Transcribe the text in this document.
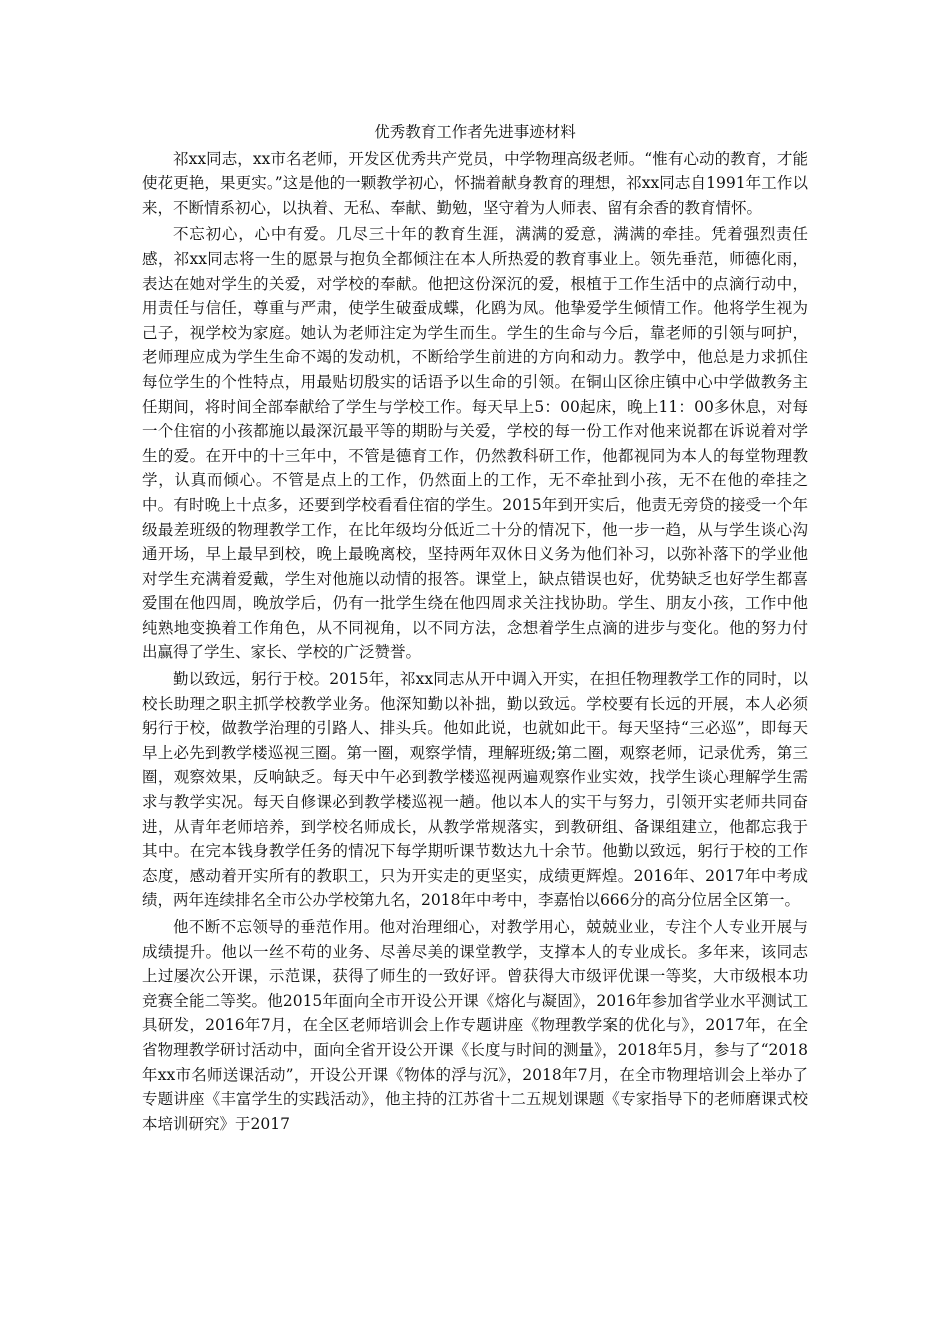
优秀教育工作者先进事迹材料

祁xx同志，xx市名老师，开发区优秀共产党员，中学物理高级老师。“惟有心动的教育，才能使花更艳，果更实。”这是他的一颗教学初心，怀揣着献身教育的理想，祁xx同志自1991年工作以来，不断情系初心，以执着、无私、奉献、勤勉，坚守着为人师表、留有余香的教育情怀。

不忘初心，心中有爱。几尽三十年的教育生涯，满满的爱意，满满的牵挂。凭着强烈责任感，祁xx同志将一生的愿景与抱负全都倾注在本人所热爱的教育事业上。领先垂范，师德化雨，表达在她对学生的关爱，对学校的奉献。他把这份深沉的爱，根植于工作生活中的点滴行动中，用责任与信任，尊重与严肃，使学生破蚕成蝶，化鸥为凤。他挚爱学生倾情工作。他将学生视为己子，视学校为家庭。她认为老师注定为学生而生。学生的生命与今后，靠老师的引领与呵护，老师理应成为学生生命不竭的发动机，不断给学生前进的方向和动力。教学中，他总是力求抓住每位学生的个性特点，用最贴切殷实的话语予以生命的引领。在铜山区徐庄镇中心中学做教务主任期间，将时间全部奉献给了学生与学校工作。每天早上5：00起床，晚上11：00多休息，对每一个住宿的小孩都施以最深沉最平等的期盼与关爱，学校的每一份工作对他来说都在诉说着对学生的爱。在开中的十三年中，不管是德育工作，仍然教科研工作，他都视同为本人的每堂物理教学，认真而倾心。不管是点上的工作，仍然面上的工作，无不牵扯到小孩，无不在他的牵挂之中。有时晚上十点多，还要到学校看看住宿的学生。2015年到开实后，他责无旁贷的接受一个年级最差班级的物理教学工作，在比年级均分低近二十分的情况下，他一步一趋，从与学生谈心沟通开场，早上最早到校，晚上最晚离校，坚持两年双休日义务为他们补习，以弥补落下的学业他对学生充满着爱戴，学生对他施以动情的报答。课堂上，缺点错误也好，优势缺乏也好学生都喜爱围在他四周，晚放学后，仍有一批学生绕在他四周求关注找协助。学生、朋友小孩，工作中他纯熟地变换着工作角色，从不同视角，以不同方法，念想着学生点滴的进步与变化。他的努力付出赢得了学生、家长、学校的广泛赞誉。

勤以致远，躬行于校。2015年，祁xx同志从开中调入开实，在担任物理教学工作的同时，以校长助理之职主抓学校教学业务。他深知勤以补拙，勤以致远。学校要有长远的开展，本人必须躬行于校，做教学治理的引路人、排头兵。他如此说，也就如此干。每天坚持“三必巡”，即每天早上必先到教学楼巡视三圈。第一圈，观察学情，理解班级;第二圈，观察老师，记录优秀，第三圈，观察效果，反响缺乏。每天中午必到教学楼巡视两遍观察作业实效，找学生谈心理解学生需求与教学实况。每天自修课必到教学楼巡视一趟。他以本人的实干与努力，引领开实老师共同奋进，从青年老师培养，到学校名师成长，从教学常规落实，到教研组、备课组建立，他都忘我于其中。在完本钱身教学任务的情况下每学期听课节数达九十余节。他勤以致远，躬行于校的工作态度，感动着开实所有的教职工，只为开实走的更坚实，成绩更辉煌。2016年、2017年中考成绩，两年连续排名全市公办学校第九名，2018年中考中，李嘉怡以666分的高分位居全区第一。

他不断不忘领导的垂范作用。他对治理细心，对教学用心，兢兢业业，专注个人专业开展与成绩提升。他以一丝不苟的业务、尽善尽美的课堂教学，支撑本人的专业成长。多年来，该同志上过屡次公开课，示范课，获得了师生的一致好评。曾获得大市级评优课一等奖，大市级根本功竞赛全能二等奖。他2015年面向全市开设公开课《熔化与凝固》，2016年参加省学业水平测试工具研发，2016年7月，在全区老师培训会上作专题讲座《物理教学案的优化与》，2017年，在全省物理教学研讨活动中，面向全省开设公开课《长度与时间的测量》，2018年5月，参与了“2018年xx市名师送课活动”，开设公开课《物体的浮与沉》，2018年7月，在全市物理培训会上举办了专题讲座《丰富学生的实践活动》，他主持的江苏省十二五规划课题《专家指导下的老师磨课式校本培训研究》于2017
